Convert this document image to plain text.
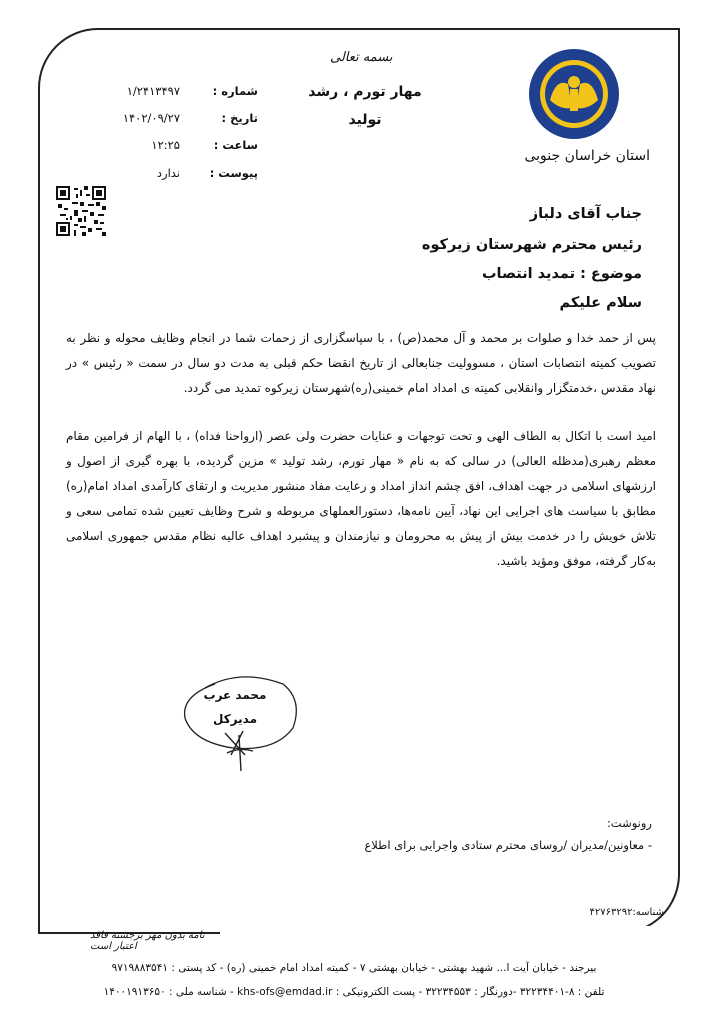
استان خراسان جنوبی
بسمه تعالی
مهار تورم ، رشد
تولید
شماره :
۱/۲۴۱۳۴۹۷
تاریخ :
۱۴۰۲/۰۹/۲۷
ساعت :
۱۲:۲۵
پیوست :
ندارد
جناب آقای دلباز
رئیس محترم شهرستان زیرکوه
موضوع : تمدید انتصاب
سلام علیکم
پس از حمد خدا و صلوات بر محمد و آل محمد(ص) ، با سپاسگزاری از زحمات شما در انجام وظایف محوله و نظر به تصویب کمیته انتصابات استان ، مسوولیت جنابعالی از تاریخ انقضا حکم قبلی به مدت دو سال در سمت « رئیس » در نهاد مقدس ،خدمتگزار وانقلابی کمیته ی امداد امام خمینی(ره)شهرستان زیرکوه تمدید می گردد.
امید است با اتکال به الطاف الهی و تحت توجهات و عنایات حضرت ولی عصر (ارواحنا فداه) ، با الهام از فرامین مقام معظم رهبری(مدظله العالی) در سالی که به نام « مهار تورم، رشد تولید » مزین گردیده، با بهره گیری از اصول و ارزشهای اسلامی در جهت اهداف، افق چشم انداز امداد و رعایت مفاد منشور مدیریت و ارتقای کارآمدی امداد امام(ره) مطابق با سیاست های اجرایی این نهاد، آیین نامه‌ها، دستورالعملهای مربوطه و شرح وظایف تعیین شده تمامی سعی و تلاش خویش را در خدمت بیش از پیش به محرومان و نیازمندان و پیشبرد اهداف عالیه نظام مقدس جمهوری اسلامی به‌کار گرفته، موفق ومؤید باشید.
محمد عرب
مدیرکل
رونوشت:
- معاونین/مدیران /روسای محترم ستادی واجرایی برای اطلاع
شناسه:۴۲۷۶۳۲۹۲
نامه بدون مهر برجسته فاقد اعتبار است
بیرجند - خیابان آیت ا... شهید بهشتی - خیابان بهشتی ۷ - کمیته امداد امام خمینی (ره) - کد پستی : ۹۷۱۹۸۸۳۵۴۱
تلفن : ۸-۳۲۲۳۴۴۰۱ -دورنگار : ۳۲۲۳۴۵۵۳ - پست الکترونیکی : khs-ofs@emdad.ir - شناسه ملی : ۱۴۰۰۱۹۱۳۶۵۰
